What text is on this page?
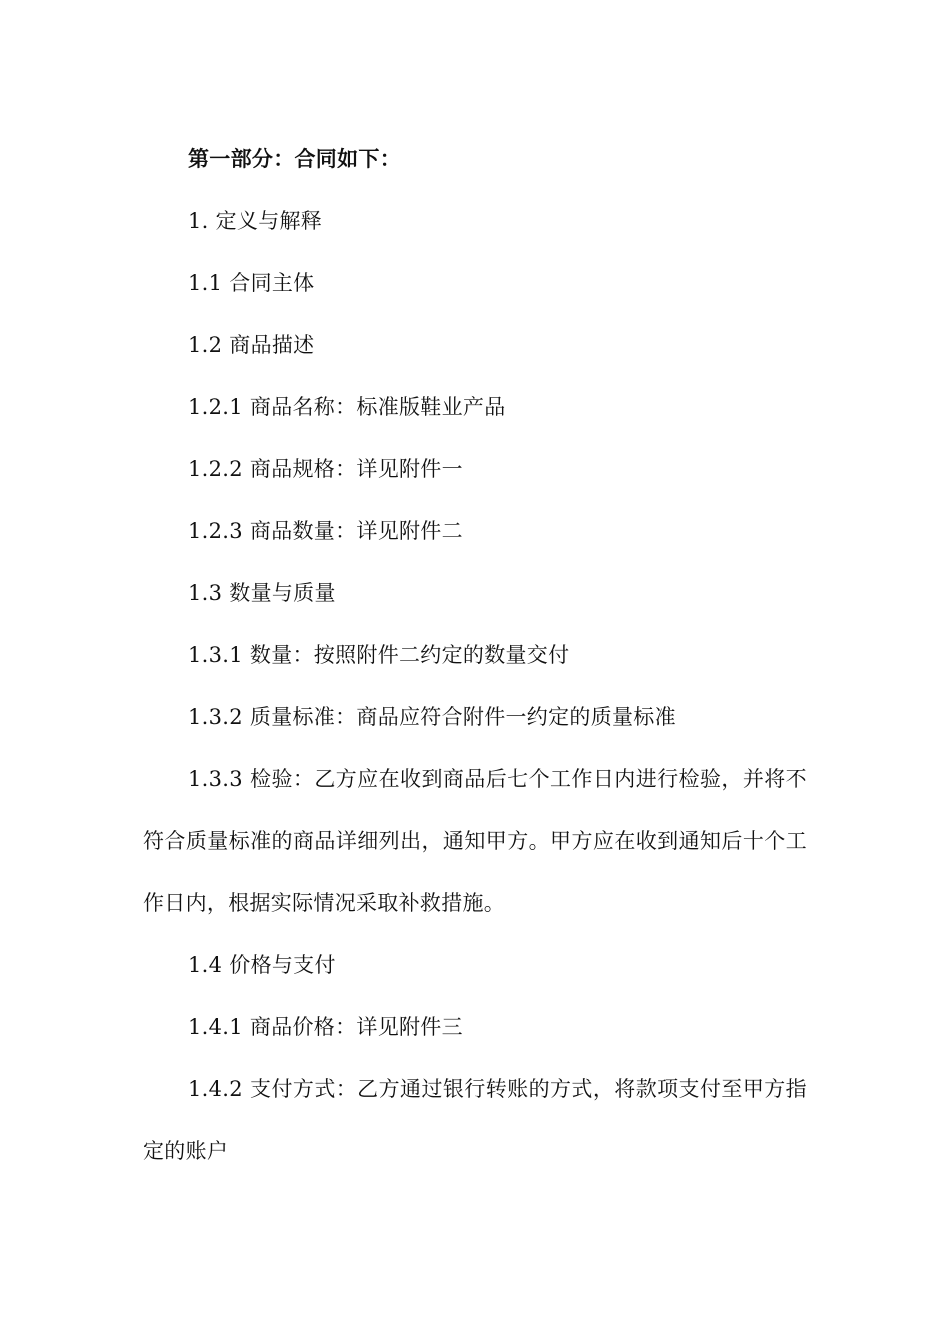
第一部分：合同如下：

1. 定义与解释

1.1 合同主体

1.2 商品描述

1.2.1 商品名称：标准版鞋业产品

1.2.2 商品规格：详见附件一

1.2.3 商品数量：详见附件二

1.3 数量与质量

1.3.1 数量：按照附件二约定的数量交付

1.3.2 质量标准：商品应符合附件一约定的质量标准

1.3.3 检验：乙方应在收到商品后七个工作日内进行检验，并将不符合质量标准的商品详细列出，通知甲方。甲方应在收到通知后十个工作日内，根据实际情况采取补救措施。

1.4 价格与支付

1.4.1 商品价格：详见附件三

1.4.2 支付方式：乙方通过银行转账的方式，将款项支付至甲方指定的账户
